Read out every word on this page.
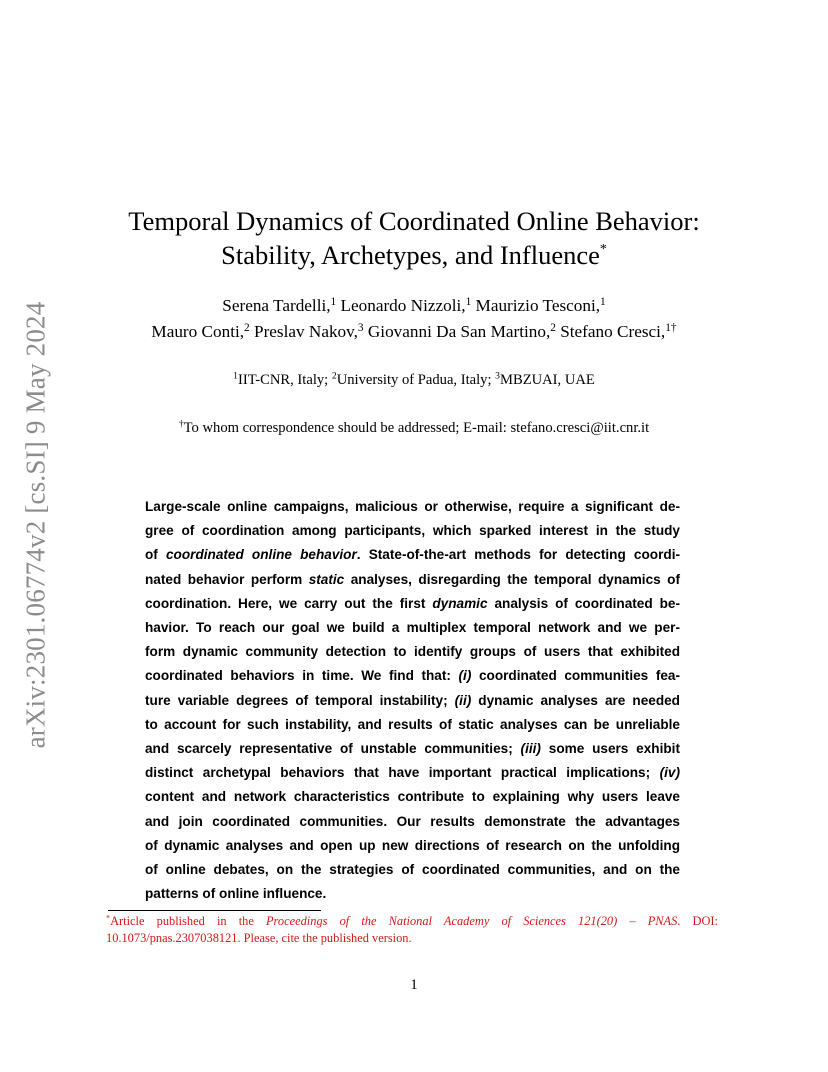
arXiv:2301.06774v2 [cs.SI] 9 May 2024
Temporal Dynamics of Coordinated Online Behavior:
Stability, Archetypes, and Influence*
Serena Tardelli,$^1$ Leonardo Nizzoli,$^1$ Maurizio Tesconi,$^1$
Mauro Conti,$^2$ Preslav Nakov,$^3$ Giovanni Da San Martino,$^2$ Stefano Cresci,$^{1\dagger}$
$^1$IIT-CNR, Italy; $^2$University of Padua, Italy; $^3$MBZUAI, UAE
†To whom correspondence should be addressed; E-mail: stefano.cresci@iit.cnr.it
Large-scale online campaigns, malicious or otherwise, require a significant de-
gree of coordination among participants, which sparked interest in the study
of coordinated online behavior. State-of-the-art methods for detecting coordi-
nated behavior perform static analyses, disregarding the temporal dynamics of
coordination. Here, we carry out the first dynamic analysis of coordinated be-
havior. To reach our goal we build a multiplex temporal network and we per-
form dynamic community detection to identify groups of users that exhibited
coordinated behaviors in time. We find that: (i) coordinated communities fea-
ture variable degrees of temporal instability; (ii) dynamic analyses are needed
to account for such instability, and results of static analyses can be unreliable
and scarcely representative of unstable communities; (iii) some users exhibit
distinct archetypal behaviors that have important practical implications; (iv)
content and network characteristics contribute to explaining why users leave
and join coordinated communities. Our results demonstrate the advantages
of dynamic analyses and open up new directions of research on the unfolding
of online debates, on the strategies of coordinated communities, and on the
patterns of online influence.
*Article published in the Proceedings of the National Academy of Sciences 121(20) – PNAS. DOI:
10.1073/pnas.2307038121. Please, cite the published version.
1
